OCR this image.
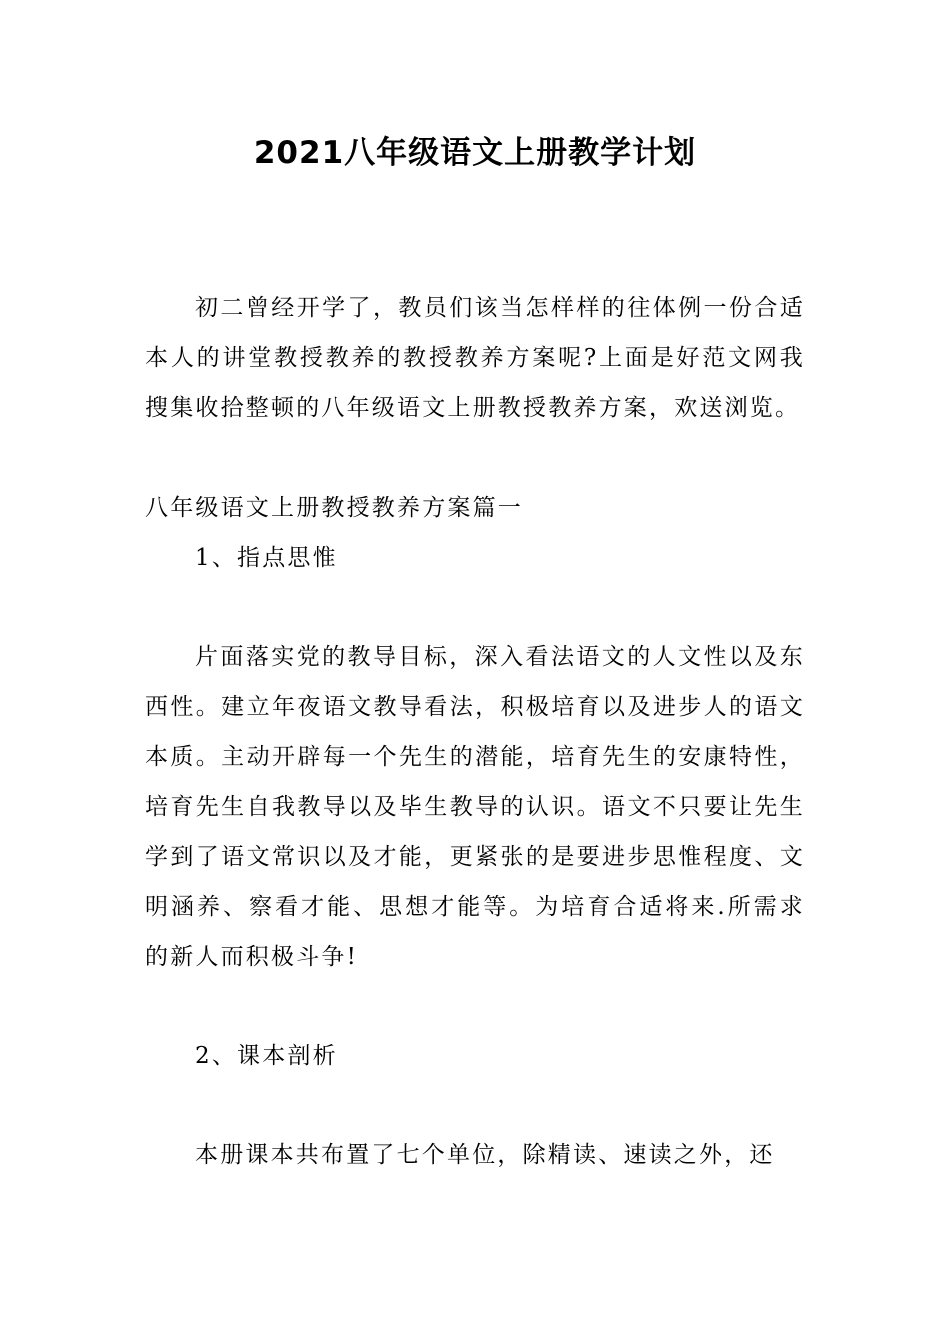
2021八年级语文上册教学计划
初二曾经开学了，教员们该当怎样样的往体例一份合适本人的讲堂教授教养的教授教养方案呢?上面是好范文网我搜集收拾整顿的八年级语文上册教授教养方案，欢送浏览。
八年级语文上册教授教养方案篇一
1、指点思惟
片面落实党的教导目标，深入看法语文的人文性以及东西性。建立年夜语文教导看法，积极培育以及进步人的语文本质。主动开辟每一个先生的潜能，培育先生的安康特性，培育先生自我教导以及毕生教导的认识。语文不只要让先生学到了语文常识以及才能，更紧张的是要进步思惟程度、文明涵养、察看才能、思想才能等。为培育合适将来.所需求的新人而积极斗争!
2、课本剖析
本册课本共布置了七个单位，除精读、速读之外，还
